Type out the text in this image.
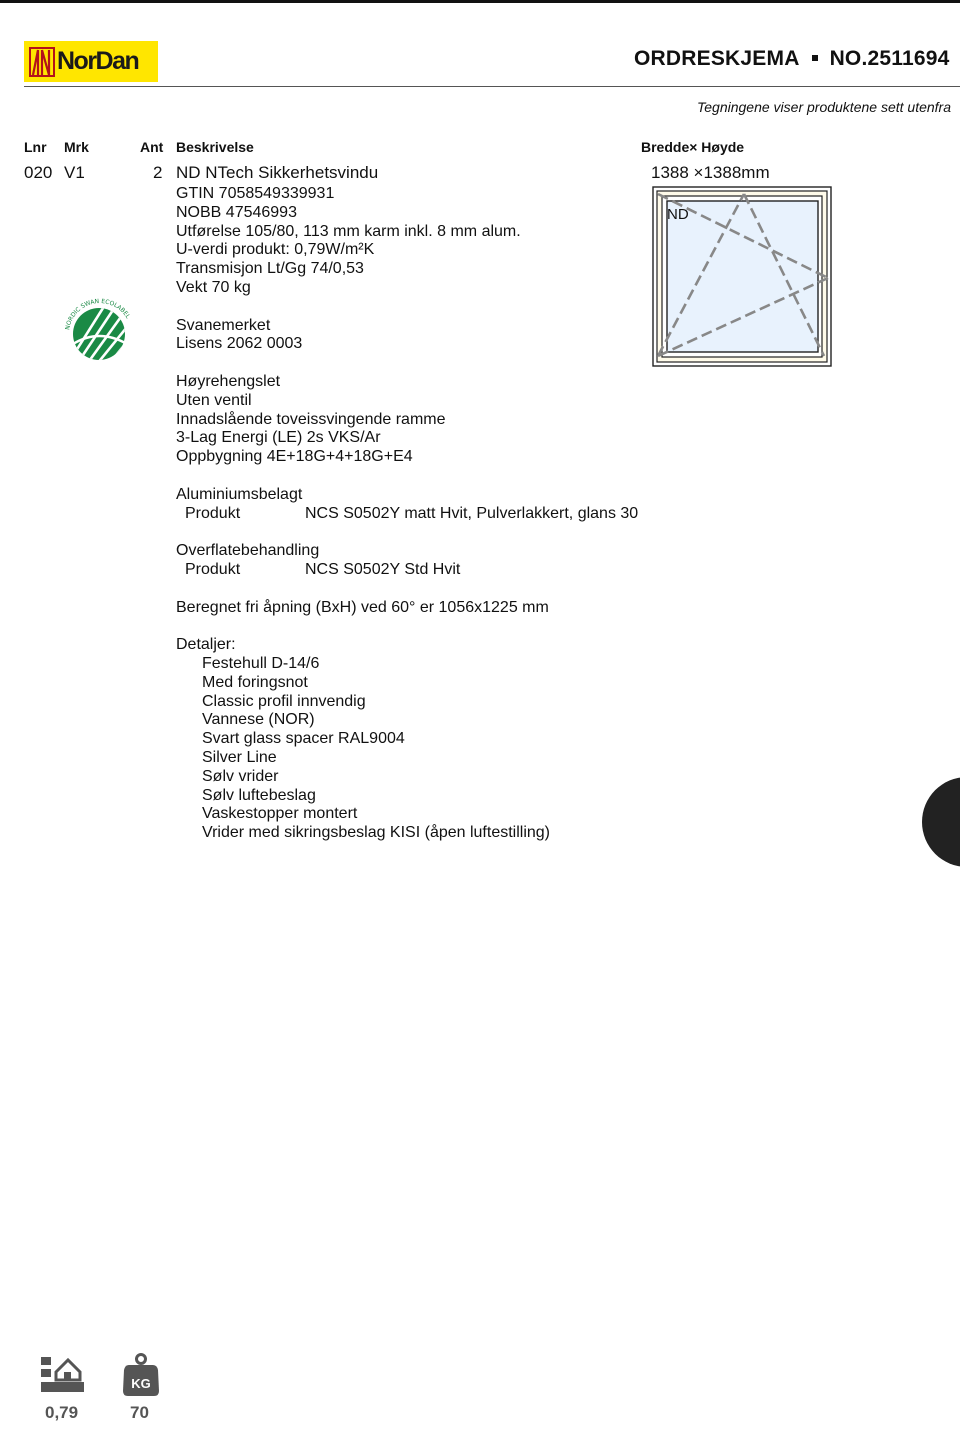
NorDan	ORDRESKJEMA NO.2511694
Tegningene viser produktene sett utenfra
Lnr Mrk	Ant Beskrivelse	Bredde× Høyde
020 V1	2 ND NTech Sikkerhetsvindu	1388 ×1388mm
GTIN 7058549339931
NOBB 47546993
Utførelse 105/80, 113 mm karm inkl. 8 mm alum.
U-verdi produkt: 0,79W/m²K
Transmisjon Lt/Gg 74/0,53
Vekt 70 kg
Svanemerket
Lisens 2062 0003
Høyrehengslet
Uten ventil
Innadslående toveissvingende ramme
3-Lag Energi (LE) 2s VKS/Ar
Oppbygning 4E+18G+4+18G+E4
Aluminiumsbelagt
Produkt	NCS S0502Y matt Hvit, Pulverlakkert, glans 30
Overflatebehandling
Produkt	NCS S0502Y Std Hvit
Beregnet fri åpning (BxH) ved 60° er 1056x1225 mm
Detaljer:
Festehull D-14/6
Med foringsnot
Classic profil innvendig
Vannese (NOR)
Svart glass spacer RAL9004
Silver Line
Sølv vrider
Sølv luftebeslag
Vaskestopper montert
Vrider med sikringsbeslag KISI (åpen luftestilling)
NORDIC SWAN ECOLABEL
ND
KG
0,79	70
